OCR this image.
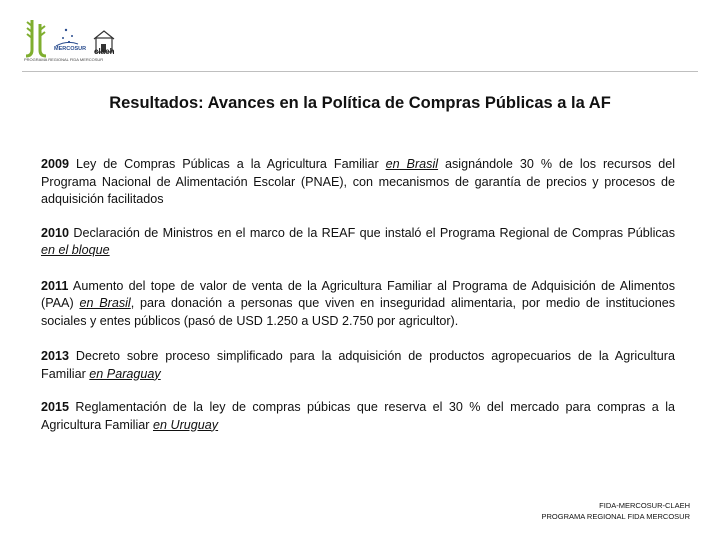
MERCOSUR claeh
PROGRAMA REGIONAL FIDA MERCOSUR
Resultados: Avances en la Política de Compras Públicas a la AF

2009 Ley de Compras Públicas a la Agricultura Familiar en Brasil asignándole 30 % de los recursos del Programa Nacional de Alimentación Escolar (PNAE), con mecanismos de garantía de precios y procesos de adquisición facilitados

2010 Declaración de Ministros en el marco de la REAF que instaló el Programa Regional de Compras Públicas en el bloque

2011 Aumento del tope de valor de venta de la Agricultura Familiar al Programa de Adquisición de Alimentos (PAA) en Brasil, para donación a personas que viven en inseguridad alimentaria, por medio de instituciones sociales y entes públicos (pasó de USD 1.250 a USD 2.750 por agricultor).

2013 Decreto sobre proceso simplificado para la adquisición de productos agropecuarios de la Agricultura Familiar en Paraguay

2015 Reglamentación de la ley de compras púbicas que reserva el 30 % del mercado para compras a la Agricultura Familiar en Uruguay

FIDA-MERCOSUR-CLAEH
PROGRAMA REGIONAL FIDA MERCOSUR
